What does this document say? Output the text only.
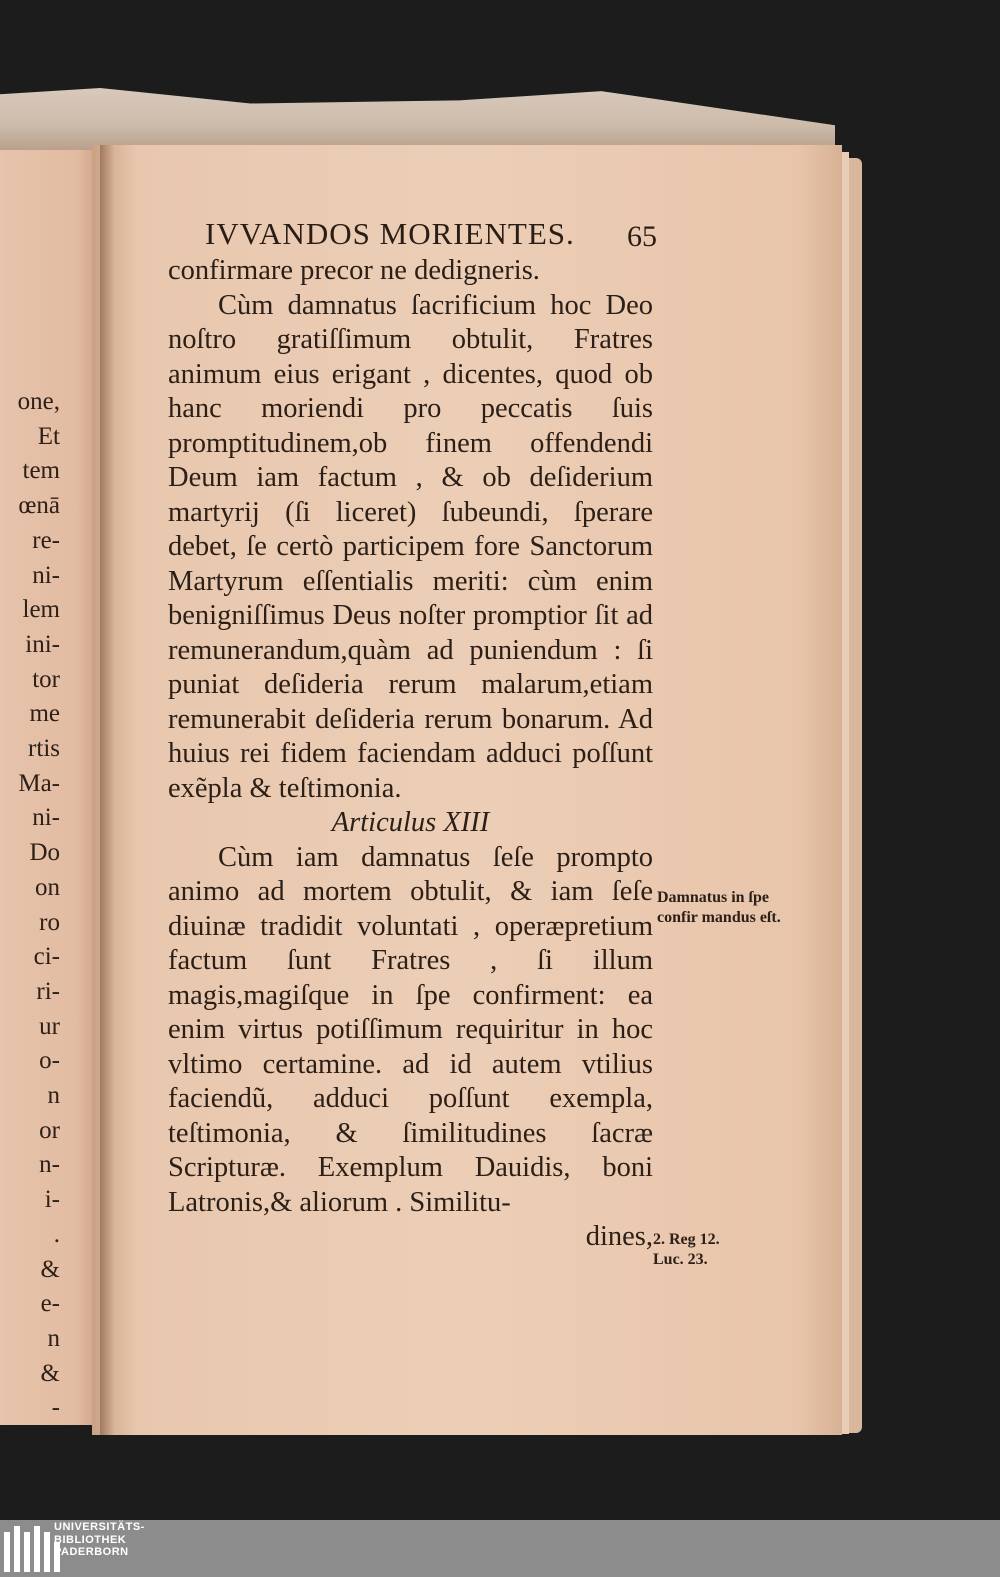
one,
Et
tem
œnā
re-
ni-
lem
ini-
tor
me
rtis
Ma-
ni-
Do
on
ro
ci-
ri-
ur
o-
n
or
n-
i-
.
&
e-
n
&
-
IVVANDOS MORIENTES. 65

confirmare precor ne dedigneris.

Cùm damnatus ſacrificium hoc Deo noſtro gratiſſimum obtulit, Fratres animum eius erigant , dicentes, quod ob hanc moriendi pro peccatis ſuis promptitudinem,ob finem offendendi Deum iam factum , & ob deſiderium martyrij (ſi liceret) ſubeundi, ſperare debet, ſe certò participem fore Sanctorum Martyrum eſſentialis meriti: cùm enim benigniſſimus Deus noſter promptior ſit ad remunerandum,quàm ad puniendum : ſi puniat deſideria rerum malarum,etiam remunerabit deſideria rerum bonarum. Ad huius rei fidem faciendam adduci poſſunt exẽpla & teſtimonia.

Articulus XIII

Cùm iam damnatus ſeſe prompto animo ad mortem obtulit, & iam ſeſe diuinæ tradidit voluntati , operæpretium factum ſunt Fratres , ſi illum magis,magiſque in ſpe confirment: ea enim virtus potiſſimum requiritur in hoc vltimo certamine. ad id autem vtilius faciendũ, adduci poſſunt exempla, teſtimonia, & ſimilitudines ſacræ Scripturæ. Exemplum Dauidis, boni Latronis,& aliorum . Similitu-

dines,

Damnatus in ſpe confir mandus eſt.
2. Reg 12. Luc. 23.
UNIVERSITÄTS-
BIBLIOTHEK
PADERBORN
